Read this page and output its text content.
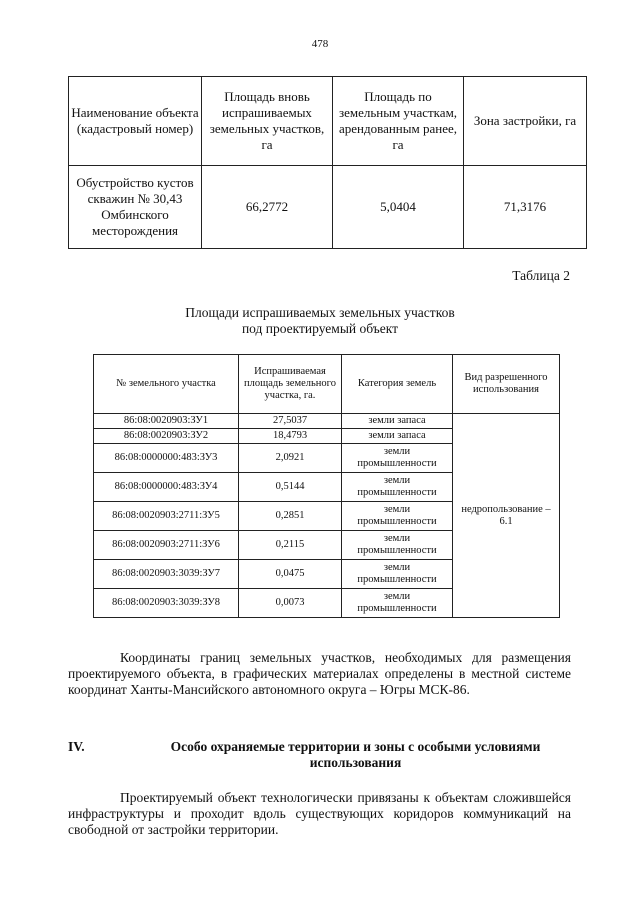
478
Наименование объекта (кадастровый номер)	Площадь вновь испрашиваемых земельных участков, га	Площадь по земельным участкам, арендованным ранее, га	Зона застройки, га
Обустройство кустов скважин № 30,43 Омбинского месторождения	66,2772	5,0404	71,3176
Таблица 2
Площади испрашиваемых земельных участков
под проектируемый объект
№ земельного участка	Испрашиваемая площадь земельного участка, га.	Категория земель	Вид разрешенного использования
86:08:0020903:ЗУ1	27,5037	земли запаса	недропользование – 6.1
86:08:0020903:ЗУ2	18,4793	земли запаса	
86:08:0000000:483:ЗУ3	2,0921	земли промышленности	
86:08:0000000:483:ЗУ4	0,5144	земли промышленности	
86:08:0020903:2711:ЗУ5	0,2851	земли промышленности	
86:08:0020903:2711:ЗУ6	0,2115	земли промышленности	
86:08:0020903:3039:ЗУ7	0,0475	земли промышленности	
86:08:0020903:3039:ЗУ8	0,0073	земли промышленности	
Координаты границ земельных участков, необходимых для размещения проектируемого объекта, в графических материалах определены в местной системе координат Ханты-Мансийского автономного округа – Югры МСК-86.
IV.	Особо охраняемые территории и зоны с особыми условиями использования
Проектируемый объект технологически привязаны к объектам сложившейся инфраструктуры и проходит вдоль существующих коридоров коммуникаций на свободной от застройки территории.
